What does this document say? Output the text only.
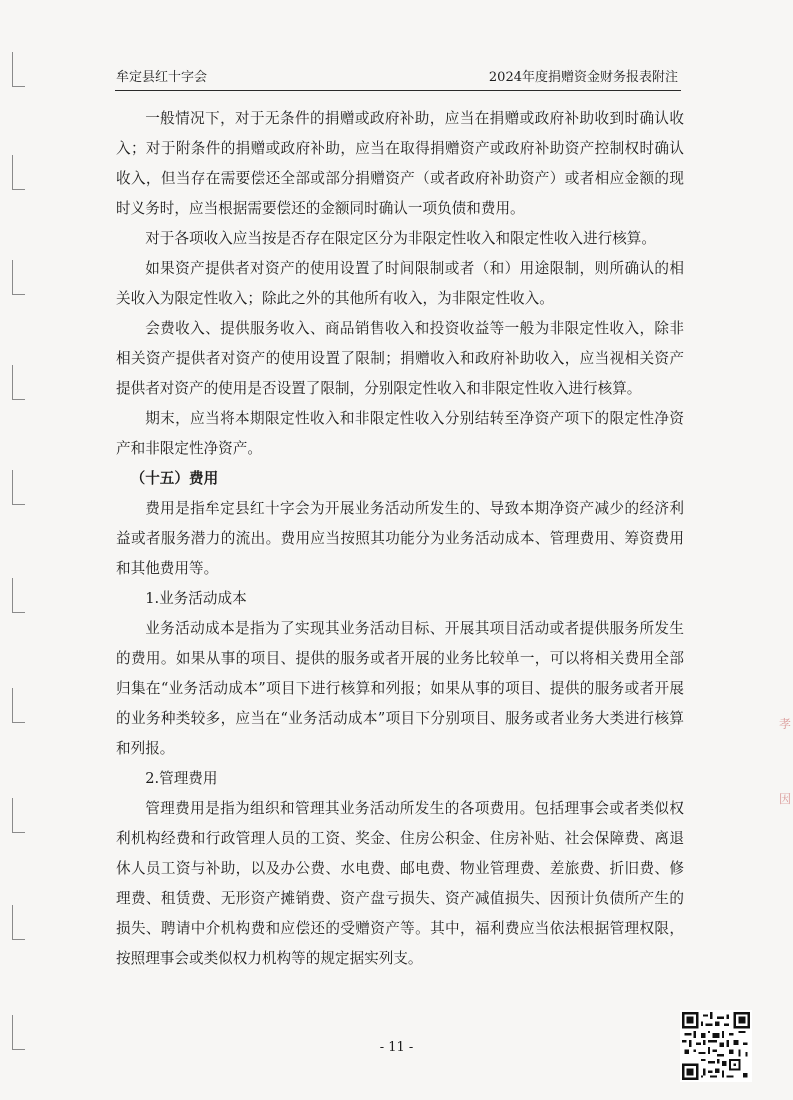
牟定县红十字会	2024年度捐赠资金财务报表附注

一般情况下，对于无条件的捐赠或政府补助，应当在捐赠或政府补助收到时确认收入；对于附条件的捐赠或政府补助，应当在取得捐赠资产或政府补助资产控制权时确认收入，但当存在需要偿还全部或部分捐赠资产（或者政府补助资产）或者相应金额的现时义务时，应当根据需要偿还的金额同时确认一项负债和费用。

对于各项收入应当按是否存在限定区分为非限定性收入和限定性收入进行核算。

如果资产提供者对资产的使用设置了时间限制或者（和）用途限制，则所确认的相关收入为限定性收入；除此之外的其他所有收入，为非限定性收入。

会费收入、提供服务收入、商品销售收入和投资收益等一般为非限定性收入，除非相关资产提供者对资产的使用设置了限制；捐赠收入和政府补助收入，应当视相关资产提供者对资产的使用是否设置了限制，分别限定性收入和非限定性收入进行核算。

期末，应当将本期限定性收入和非限定性收入分别结转至净资产项下的限定性净资产和非限定性净资产。

（十五）费用

费用是指牟定县红十字会为开展业务活动所发生的、导致本期净资产减少的经济利益或者服务潜力的流出。费用应当按照其功能分为业务活动成本、管理费用、筹资费用和其他费用等。

1.业务活动成本

业务活动成本是指为了实现其业务活动目标、开展其项目活动或者提供服务所发生的费用。如果从事的项目、提供的服务或者开展的业务比较单一，可以将相关费用全部归集在“业务活动成本”项目下进行核算和列报；如果从事的项目、提供的服务或者开展的业务种类较多，应当在“业务活动成本”项目下分别项目、服务或者业务大类进行核算和列报。

2.管理费用

管理费用是指为组织和管理其业务活动所发生的各项费用。包括理事会或者类似权利机构经费和行政管理人员的工资、奖金、住房公积金、住房补贴、社会保障费、离退休人员工资与补助，以及办公费、水电费、邮电费、物业管理费、差旅费、折旧费、修理费、租赁费、无形资产摊销费、资产盘亏损失、资产减值损失、因预计负债所产生的损失、聘请中介机构费和应偿还的受赠资产等。其中，福利费应当依法根据管理权限，按照理事会或类似权力机构等的规定据实列支。

孝
因
- 11 -
